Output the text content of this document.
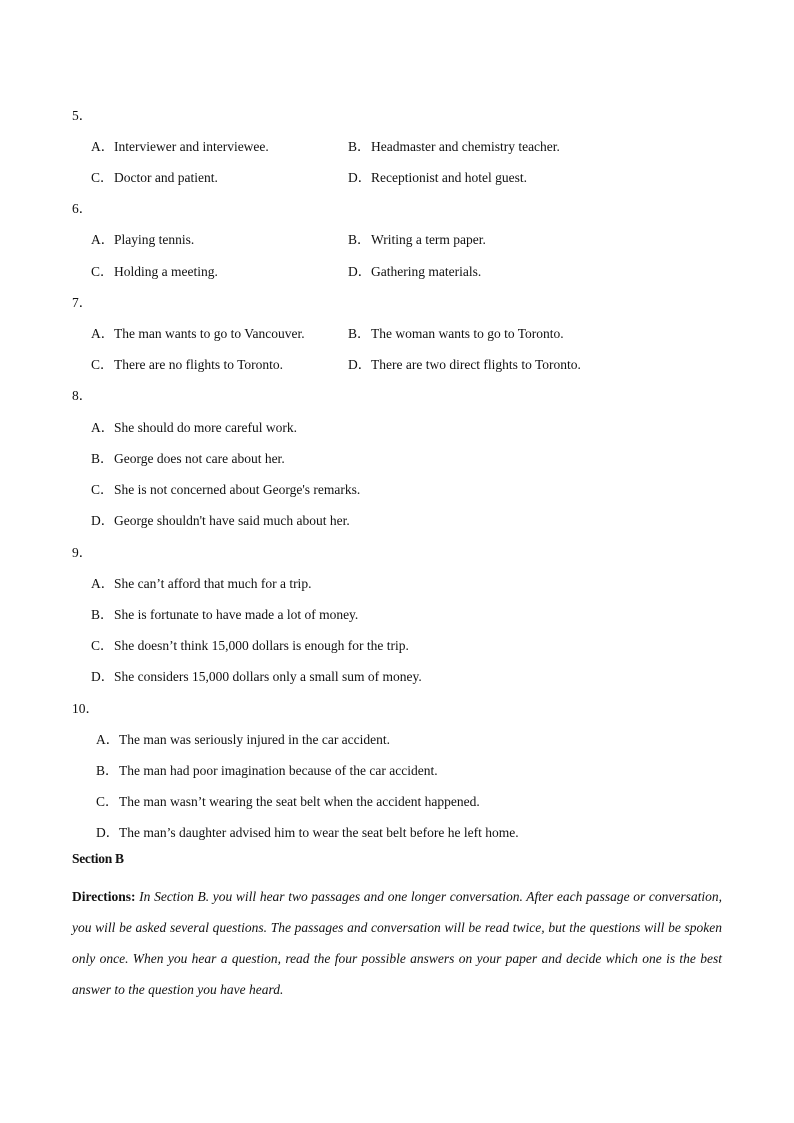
5．
A．Interviewer and interviewee.	B．Headmaster and chemistry teacher.
C．Doctor and patient.	D．Receptionist and hotel guest.
6．
A．Playing tennis.	B．Writing a term paper.
C．Holding a meeting.	D．Gathering materials.
7．
A．The man wants to go to Vancouver.	B．The woman wants to go to Toronto.
C．There are no flights to Toronto.	D．There are two direct flights to Toronto.
8．
A．She should do more careful work.
B．George does not care about her.
C．She is not concerned about George's remarks.
D．George shouldn't have said much about her.
9．
A．She can’t afford that much for a trip.
B．She is fortunate to have made a lot of money.
C．She doesn’t think 15,000 dollars is enough for the trip.
D．She considers 15,000 dollars only a small sum of money.
10．
A．The man was seriously injured in the car accident.
B．The man had poor imagination because of the car accident.
C．The man wasn’t wearing the seat belt when the accident happened.
D．The man’s daughter advised him to wear the seat belt before he left home.
Section B
Directions: In Section B. you will hear two passages and one longer conversation. After each passage or conversation, you will be asked several questions. The passages and conversation will be read twice, but the questions will be spoken only once. When you hear a question, read the four possible answers on your paper and decide which one is the best answer to the question you have heard.
